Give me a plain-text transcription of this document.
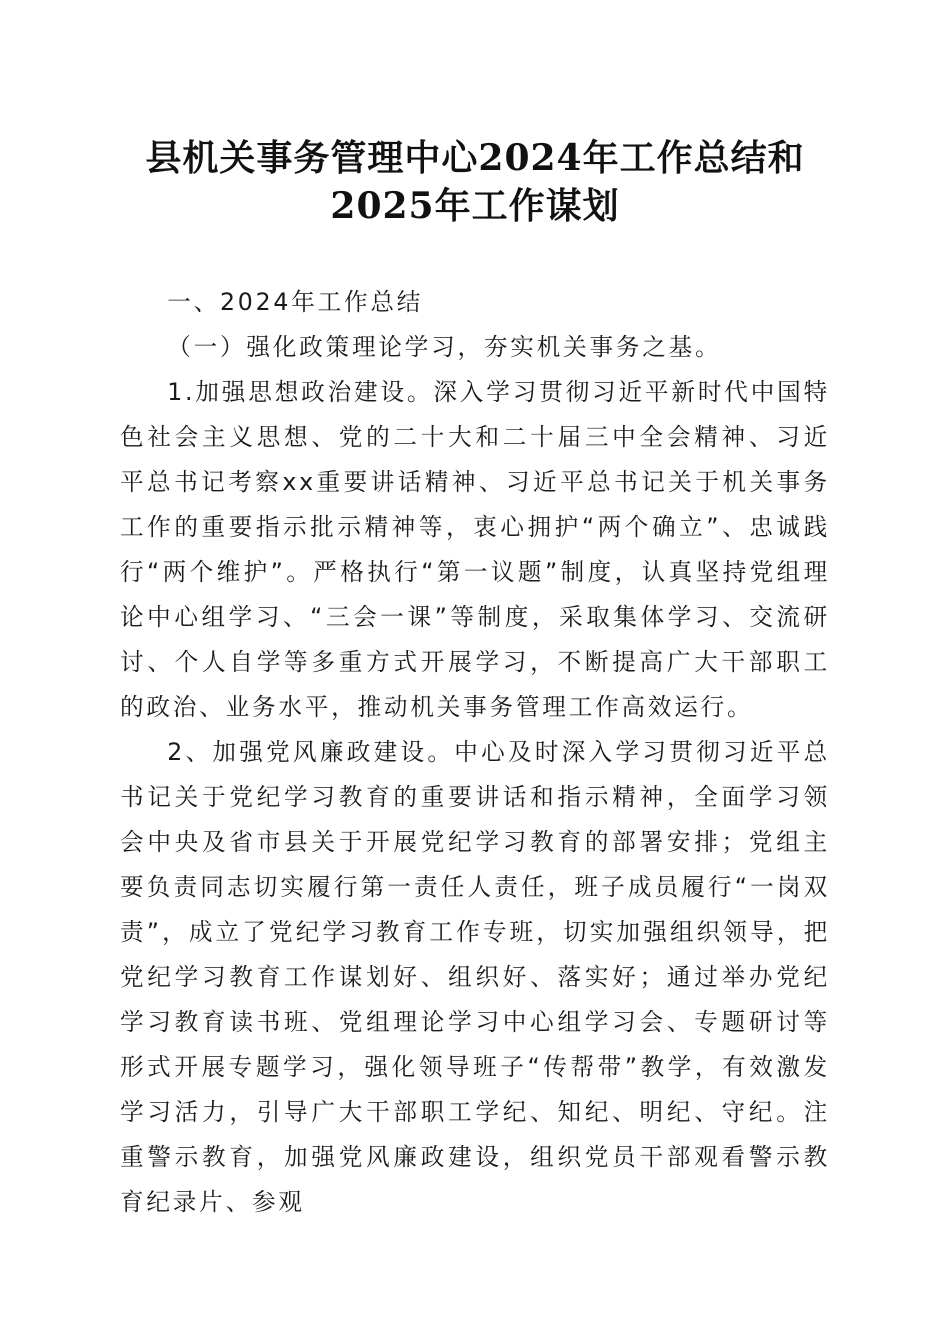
县机关事务管理中心2024年工作总结和2025年工作谋划

一、2024年工作总结

（一）强化政策理论学习，夯实机关事务之基。

1.加强思想政治建设。深入学习贯彻习近平新时代中国特色社会主义思想、党的二十大和二十届三中全会精神、习近平总书记考察xx重要讲话精神、习近平总书记关于机关事务工作的重要指示批示精神等，衷心拥护“两个确立”、忠诚践行“两个维护”。严格执行“第一议题”制度，认真坚持党组理论中心组学习、“三会一课”等制度，采取集体学习、交流研讨、个人自学等多重方式开展学习，不断提高广大干部职工的政治、业务水平，推动机关事务管理工作高效运行。

2、加强党风廉政建设。中心及时深入学习贯彻习近平总书记关于党纪学习教育的重要讲话和指示精神，全面学习领会中央及省市县关于开展党纪学习教育的部署安排；党组主要负责同志切实履行第一责任人责任，班子成员履行“一岗双责”，成立了党纪学习教育工作专班，切实加强组织领导，把党纪学习教育工作谋划好、组织好、落实好；通过举办党纪学习教育读书班、党组理论学习中心组学习会、专题研讨等形式开展专题学习，强化领导班子“传帮带”教学，有效激发学习活力，引导广大干部职工学纪、知纪、明纪、守纪。注重警示教育，加强党风廉政建设，组织党员干部观看警示教育纪录片、参观
